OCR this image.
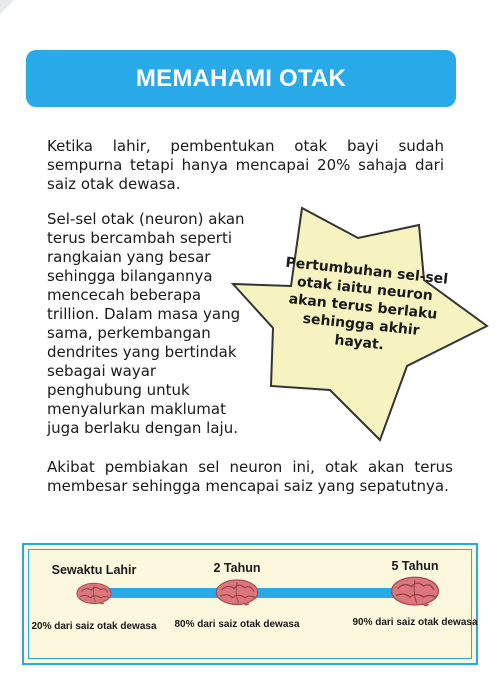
MEMAHAMI OTAK

Ketika lahir, pembentukan otak bayi sudah sempurna tetapi hanya mencapai 20% sahaja dari saiz otak dewasa.

Sel-sel otak (neuron) akan terus bercambah seperti rangkaian yang besar sehingga bilangannya mencecah beberapa trillion. Dalam masa yang sama, perkembangan dendrites yang bertindak sebagai wayar penghubung untuk menyalurkan maklumat juga berlaku dengan laju.

Pertumbuhan sel-sel otak iaitu neuron akan terus berlaku sehingga akhir hayat.

Akibat pembiakan sel neuron ini, otak akan terus membesar sehingga mencapai saiz yang sepatutnya.

Sewaktu Lahir
20% dari saiz otak dewasa
2 Tahun
80% dari saiz otak dewasa
5 Tahun
90% dari saiz otak dewasa
